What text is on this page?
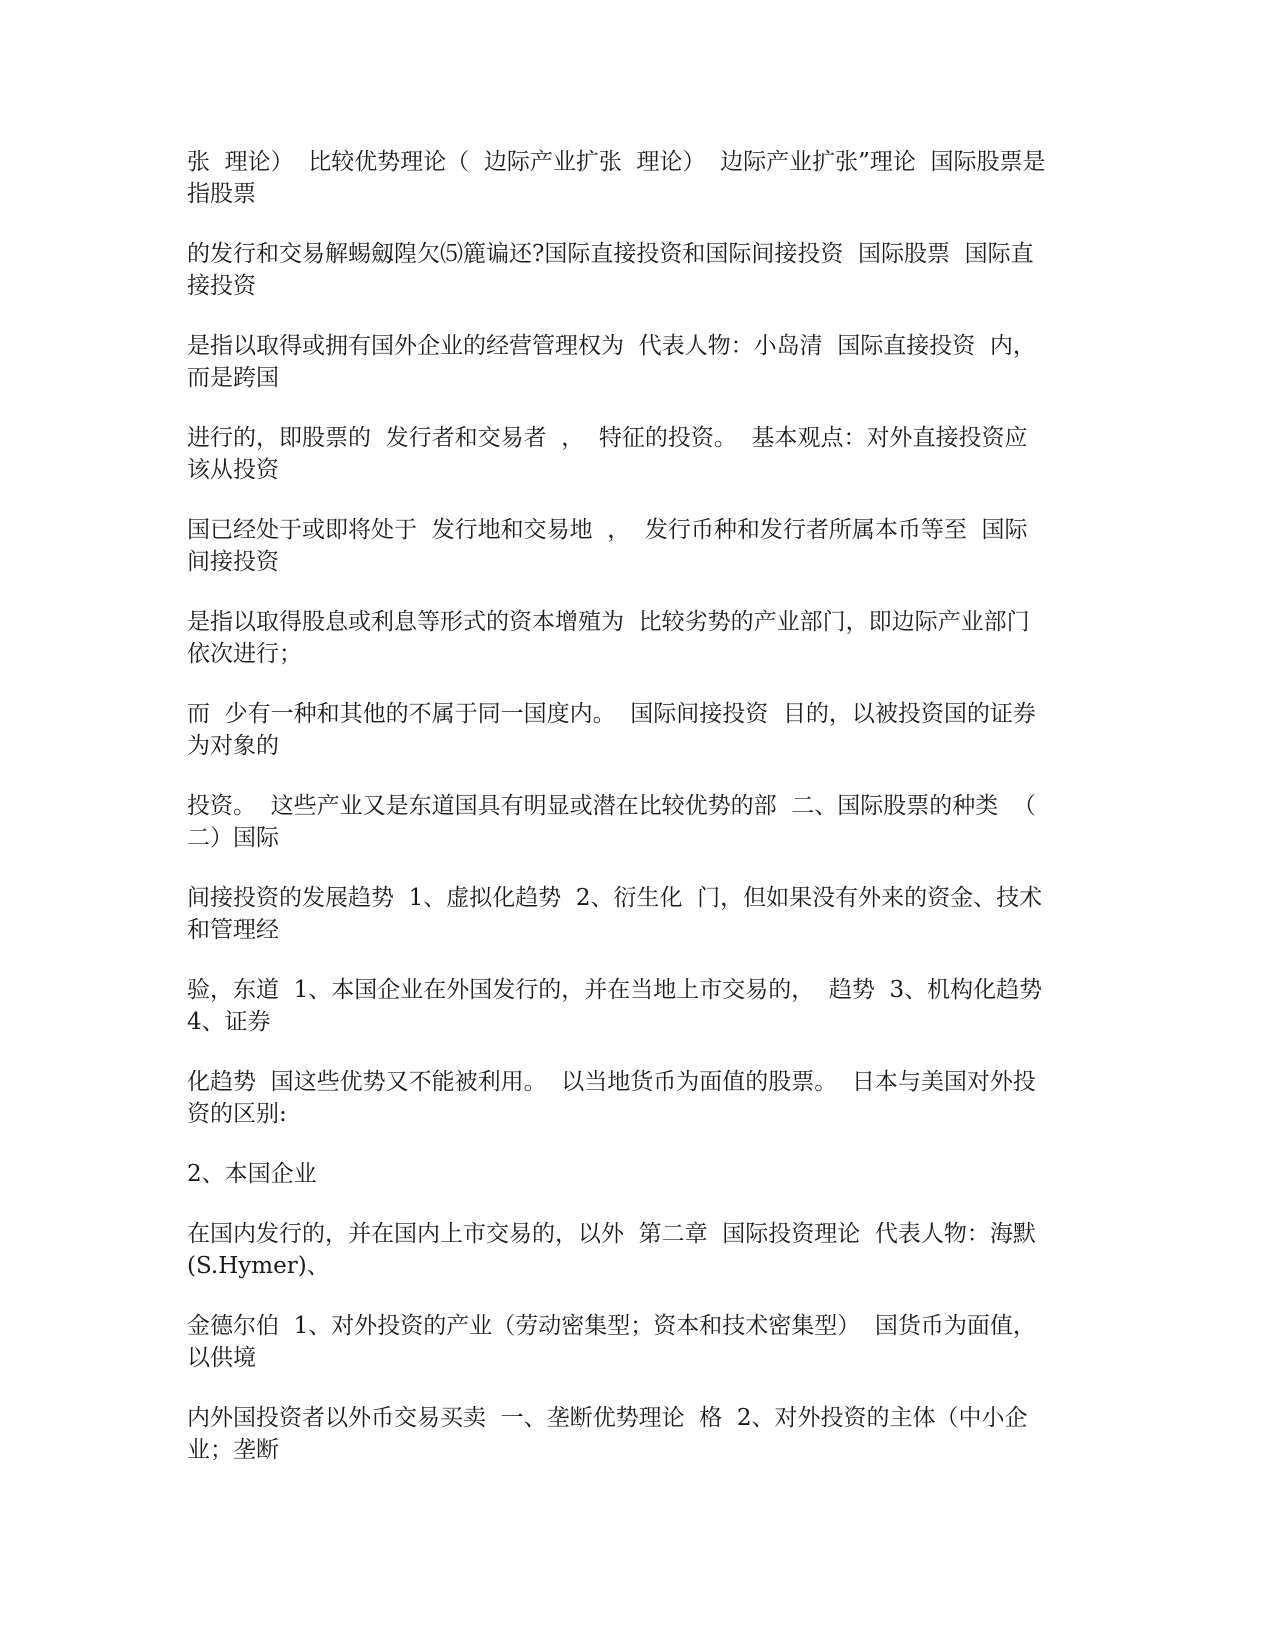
张  理论）  比较优势理论（  边际产业扩张  理论）  边际产业扩张”理论  国际股票是
指股票

的发行和交易解蜴劔隍欠⑸簏谝还?国际直接投资和国际间接投资  国际股票  国际直
接投资

是指以取得或拥有国外企业的经营管理权为  代表人物：小岛清  国际直接投资  内，
而是跨国

进行的，即股票的  发行者和交易者  ，  特征的投资。  基本观点：对外直接投资应
该从投资

国已经处于或即将处于  发行地和交易地  ，  发行币种和发行者所属本币等至  国际
间接投资

是指以取得股息或利息等形式的资本增殖为  比较劣势的产业部门，即边际产业部门
依次进行；

而  少有一种和其他的不属于同一国度内。  国际间接投资  目的，以被投资国的证券
为对象的

投资。  这些产业又是东道国具有明显或潜在比较优势的部  二、国际股票的种类  （
二）国际

间接投资的发展趋势  1、虚拟化趋势  2、衍生化  门，但如果没有外来的资金、技术
和管理经

验，东道  1、本国企业在外国发行的，并在当地上市交易的，  趋势  3、机构化趋势
4、证券

化趋势  国这些优势又不能被利用。  以当地货币为面值的股票。  日本与美国对外投
资的区别:

2、本国企业

在国内发行的，并在国内上市交易的，以外  第二章  国际投资理论  代表人物：海默
(S.Hymer)、

金德尔伯  1、对外投资的产业（劳动密集型；资本和技术密集型）  国货币为面值，
以供境

内外国投资者以外币交易买卖  一、垄断优势理论  格  2、对外投资的主体（中小企
业；垄断
